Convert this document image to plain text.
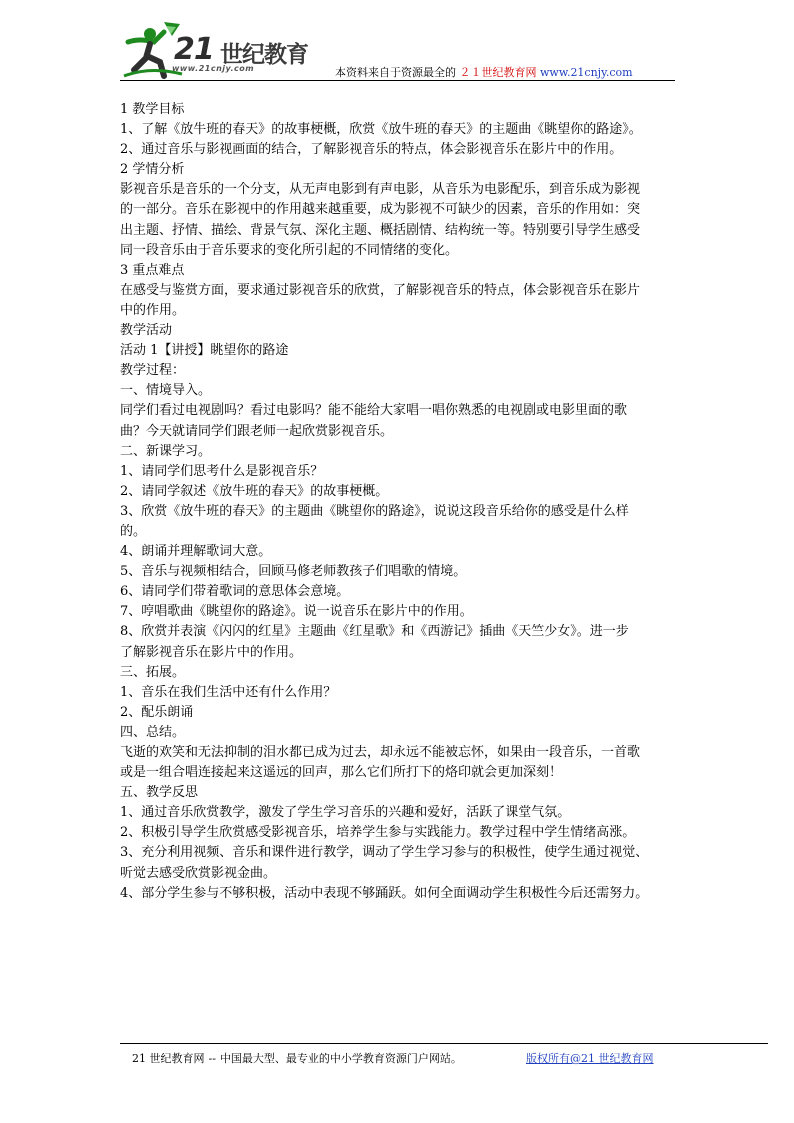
21 世纪教育
www.21cnjy.com	本资料来自于资源最全的 ２１世纪教育网 www.21cnjy.com

1 教学目标

1、了解《放牛班的春天》的故事梗概，欣赏《放牛班的春天》的主题曲《眺望你的路途》。

2、通过音乐与影视画面的结合，了解影视音乐的特点，体会影视音乐在影片中的作用。

2 学情分析

影视音乐是音乐的一个分支，从无声电影到有声电影，从音乐为电影配乐，到音乐成为影视

的一部分。音乐在影视中的作用越来越重要，成为影视不可缺少的因素，音乐的作用如：突

出主题、抒情、描绘、背景气氛、深化主题、概括剧情、结构统一等。特别要引导学生感受

同一段音乐由于音乐要求的变化所引起的不同情绪的变化。

3 重点难点

在感受与鉴赏方面，要求通过影视音乐的欣赏，了解影视音乐的特点，体会影视音乐在影片

中的作用。

教学活动

活动 1【讲授】眺望你的路途

教学过程：

一、情境导入。

同学们看过电视剧吗？看过电影吗？能不能给大家唱一唱你熟悉的电视剧或电影里面的歌

曲？今天就请同学们跟老师一起欣赏影视音乐。

二、新课学习。

1、请同学们思考什么是影视音乐？

2、请同学叙述《放牛班的春天》的故事梗概。

3、欣赏《放牛班的春天》的主题曲《眺望你的路途》，说说这段音乐给你的感受是什么样

的。

4、朗诵并理解歌词大意。

5、音乐与视频相结合，回顾马修老师教孩子们唱歌的情境。

6、请同学们带着歌词的意思体会意境。

7、哼唱歌曲《眺望你的路途》。说一说音乐在影片中的作用。

8、欣赏并表演《闪闪的红星》主题曲《红星歌》和《西游记》插曲《天竺少女》。进一步

了解影视音乐在影片中的作用。

三、拓展。

1、音乐在我们生活中还有什么作用？

2、配乐朗诵

四、总结。

飞逝的欢笑和无法抑制的泪水都已成为过去，却永远不能被忘怀，如果由一段音乐，一首歌

或是一组合唱连接起来这遥远的回声，那么它们所打下的烙印就会更加深刻！

五、教学反思

1、通过音乐欣赏教学，激发了学生学习音乐的兴趣和爱好，活跃了课堂气氛。

2、积极引导学生欣赏感受影视音乐，培养学生参与实践能力。教学过程中学生情绪高涨。

3、充分利用视频、音乐和课件进行教学，调动了学生学习参与的积极性，使学生通过视觉、

听觉去感受欣赏影视金曲。

4、部分学生参与不够积极，活动中表现不够踊跃。如何全面调动学生积极性今后还需努力。

21 世纪教育网 -- 中国最大型、最专业的中小学教育资源门户网站。	版权所有@21 世纪教育网
